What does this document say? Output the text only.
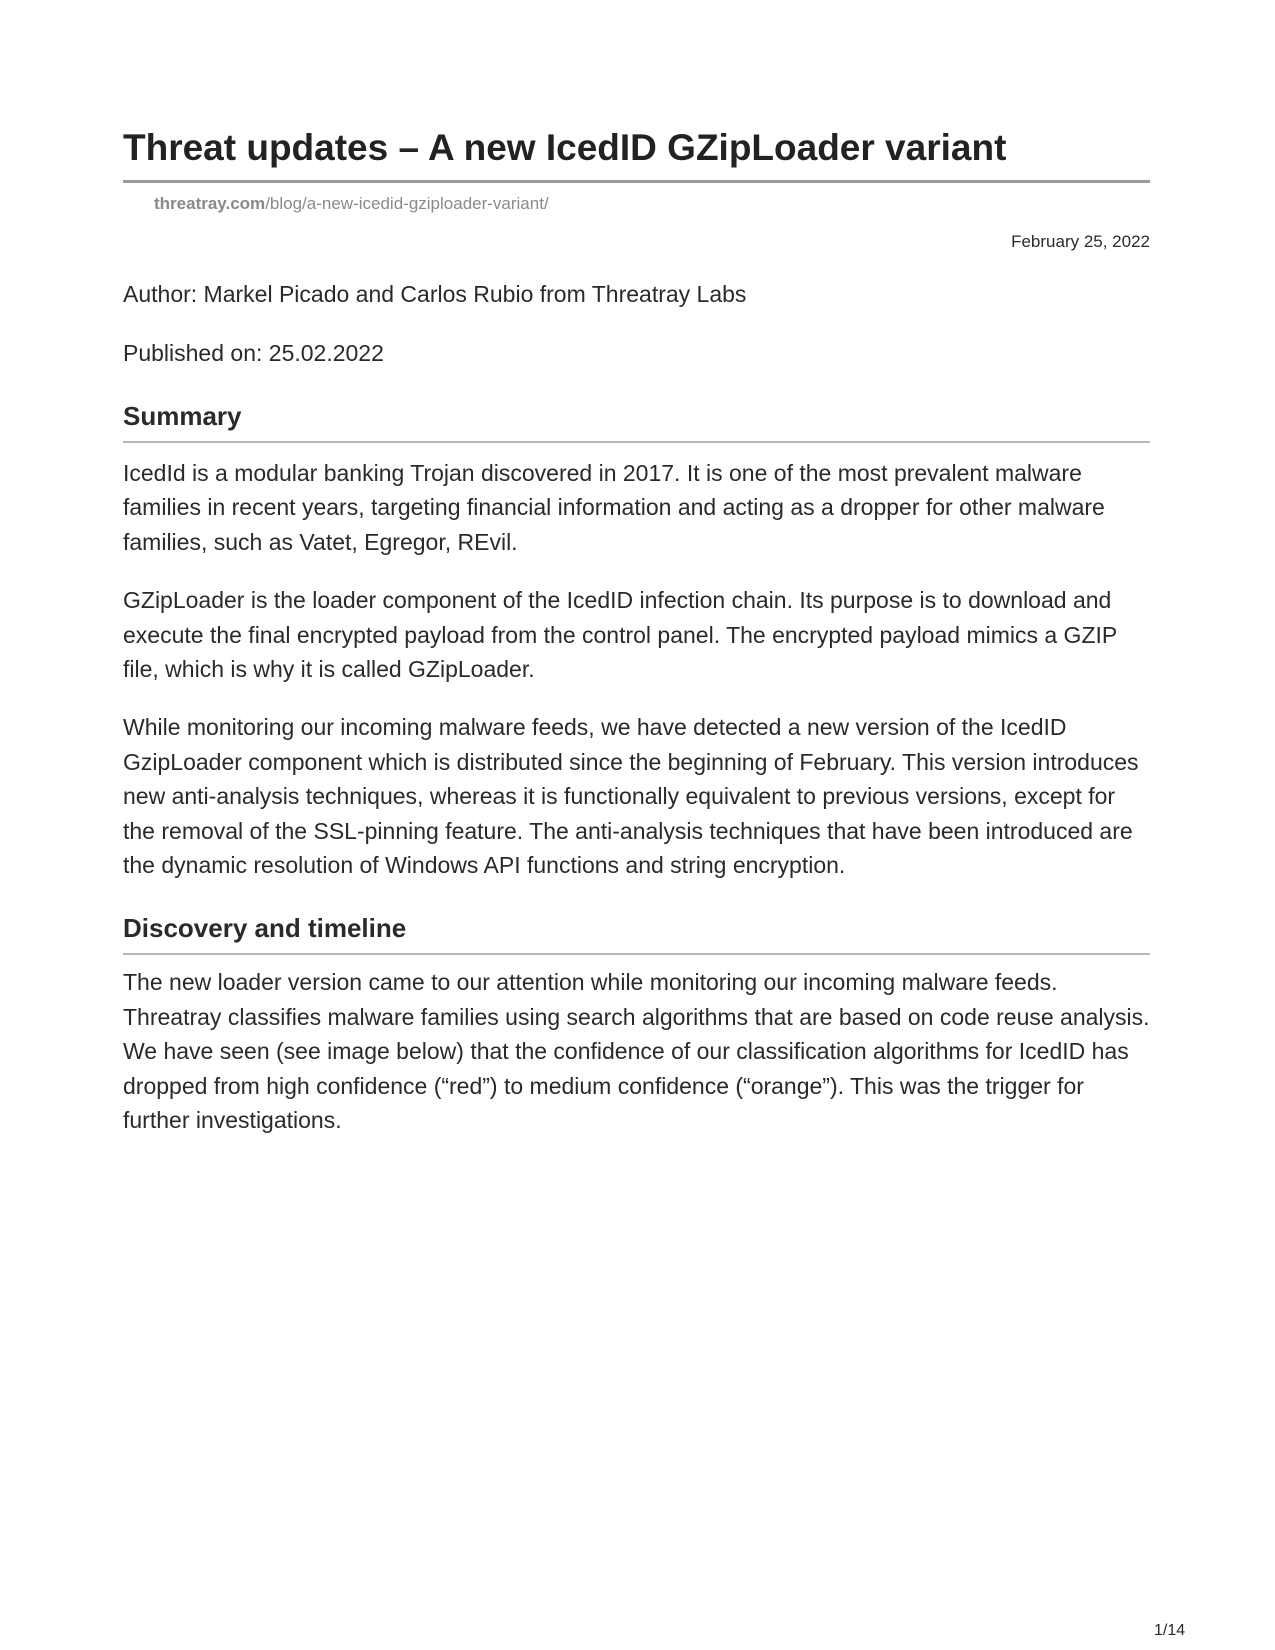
Threat updates – A new IcedID GZipLoader variant
threatray.com/blog/a-new-icedid-gziploader-variant/
February 25, 2022

Author: Markel Picado and Carlos Rubio from Threatray Labs

Published on: 25.02.2022

Summary

IcedId is a modular banking Trojan discovered in 2017. It is one of the most prevalent malware families in recent years, targeting financial information and acting as a dropper for other malware families, such as Vatet, Egregor, REvil.

GZipLoader is the loader component of the IcedID infection chain. Its purpose is to download and execute the final encrypted payload from the control panel. The encrypted payload mimics a GZIP file, which is why it is called GZipLoader.

While monitoring our incoming malware feeds, we have detected a new version of the IcedID GzipLoader component which is distributed since the beginning of February. This version introduces new anti-analysis techniques, whereas it is functionally equivalent to previous versions, except for the removal of the SSL-pinning feature. The anti-analysis techniques that have been introduced are the dynamic resolution of Windows API functions and string encryption.

Discovery and timeline

The new loader version came to our attention while monitoring our incoming malware feeds. Threatray classifies malware families using search algorithms that are based on code reuse analysis. We have seen (see image below) that the confidence of our classification algorithms for IcedID has dropped from high confidence (“red”) to medium confidence (“orange”). This was the trigger for further investigations.

1/14
